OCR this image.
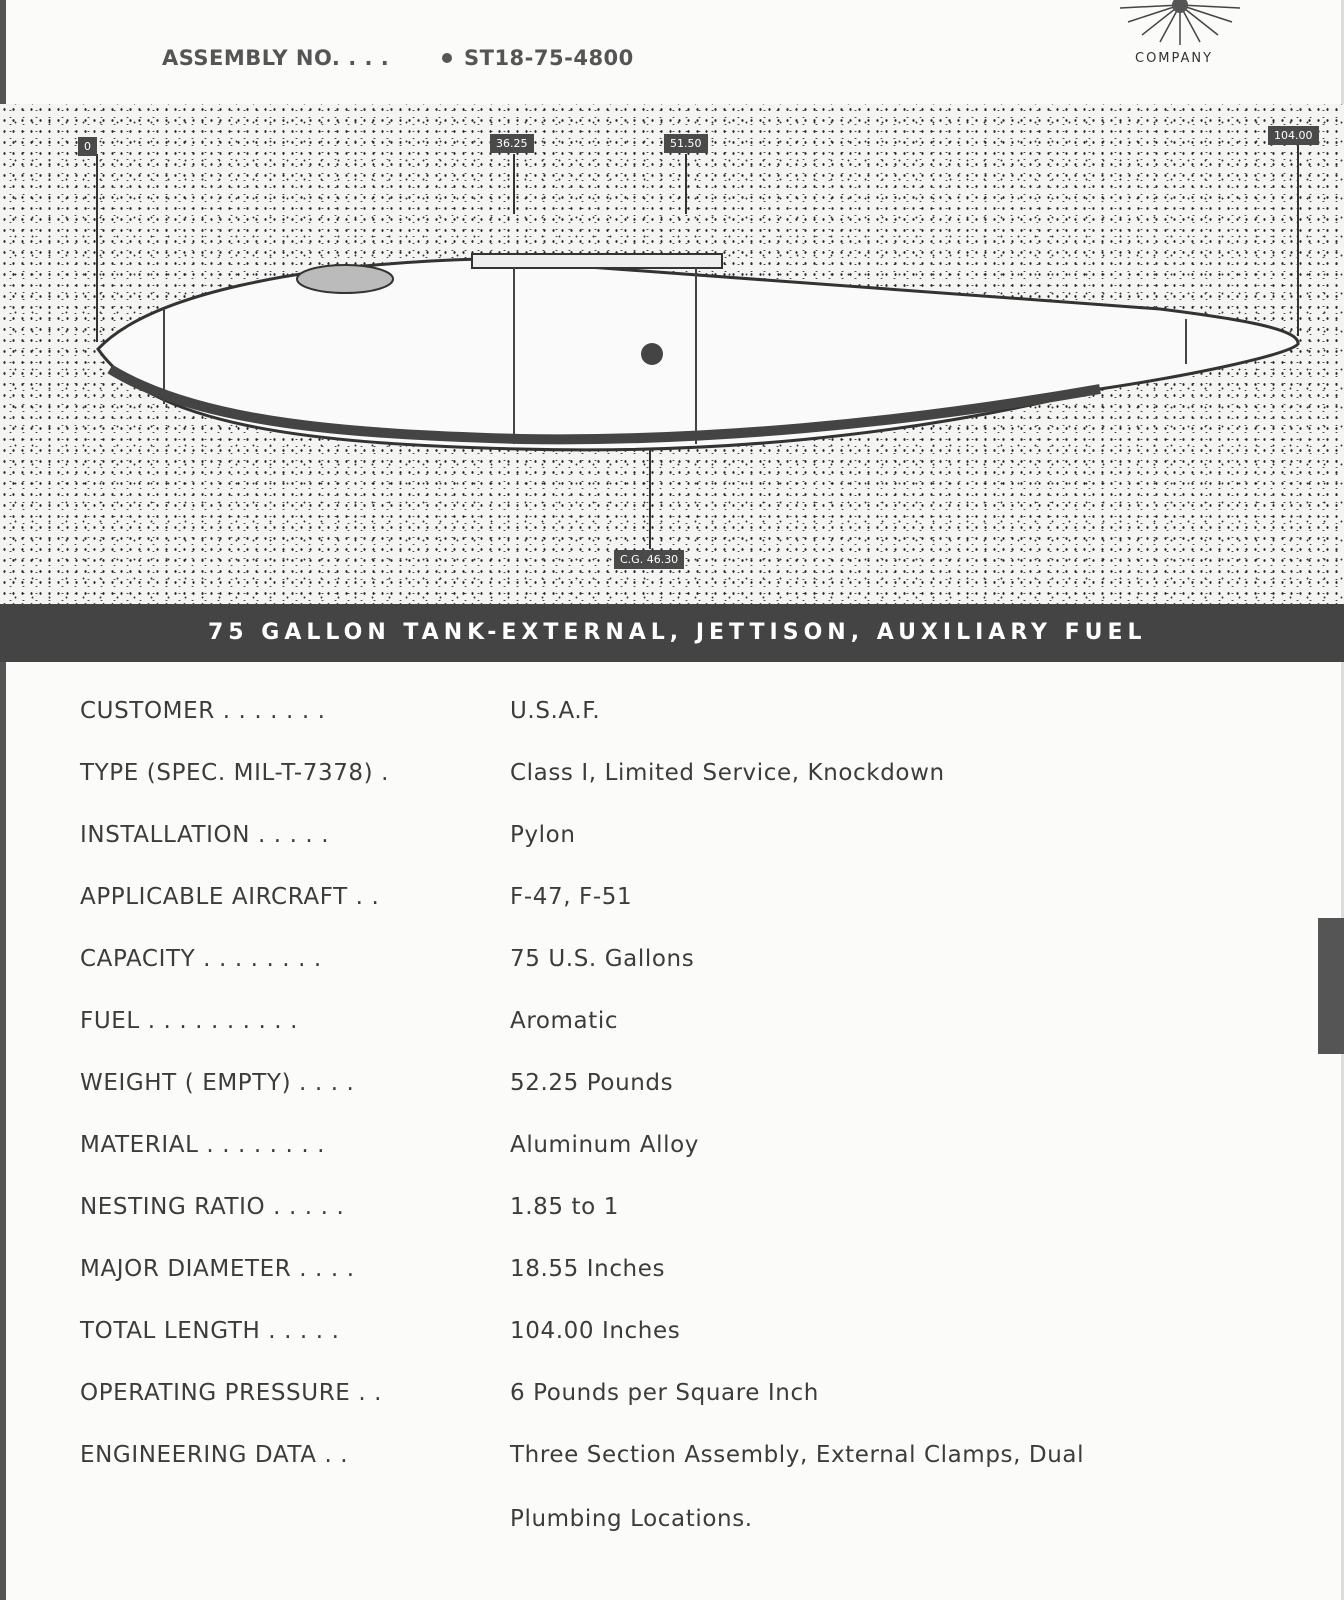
COMPANY
ASSEMBLY NO. . . .	ST18-75-4800
0	36.25	51.50
104.00
C.G. 46.30
75 GALLON TANK-EXTERNAL, JETTISON, AUXILIARY FUEL
CUSTOMER . . . . . . .	U.S.A.F.
TYPE (SPEC. MIL-T-7378) .	Class I, Limited Service, Knockdown
INSTALLATION . . . . .	Pylon
APPLICABLE AIRCRAFT . .	F-47, F-51
CAPACITY . . . . . . . .	75 U.S. Gallons
FUEL . . . . . . . . . .	Aromatic
WEIGHT ( EMPTY) . . . .	52.25 Pounds
MATERIAL . . . . . . . .	Aluminum Alloy
NESTING RATIO . . . . .	1.85 to 1
MAJOR DIAMETER . . . .	18.55 Inches
TOTAL LENGTH . . . . .	104.00 Inches
OPERATING PRESSURE . .	6 Pounds per Square Inch
ENGINEERING DATA . .	Three Section Assembly, External Clamps, Dual
Plumbing Locations.
